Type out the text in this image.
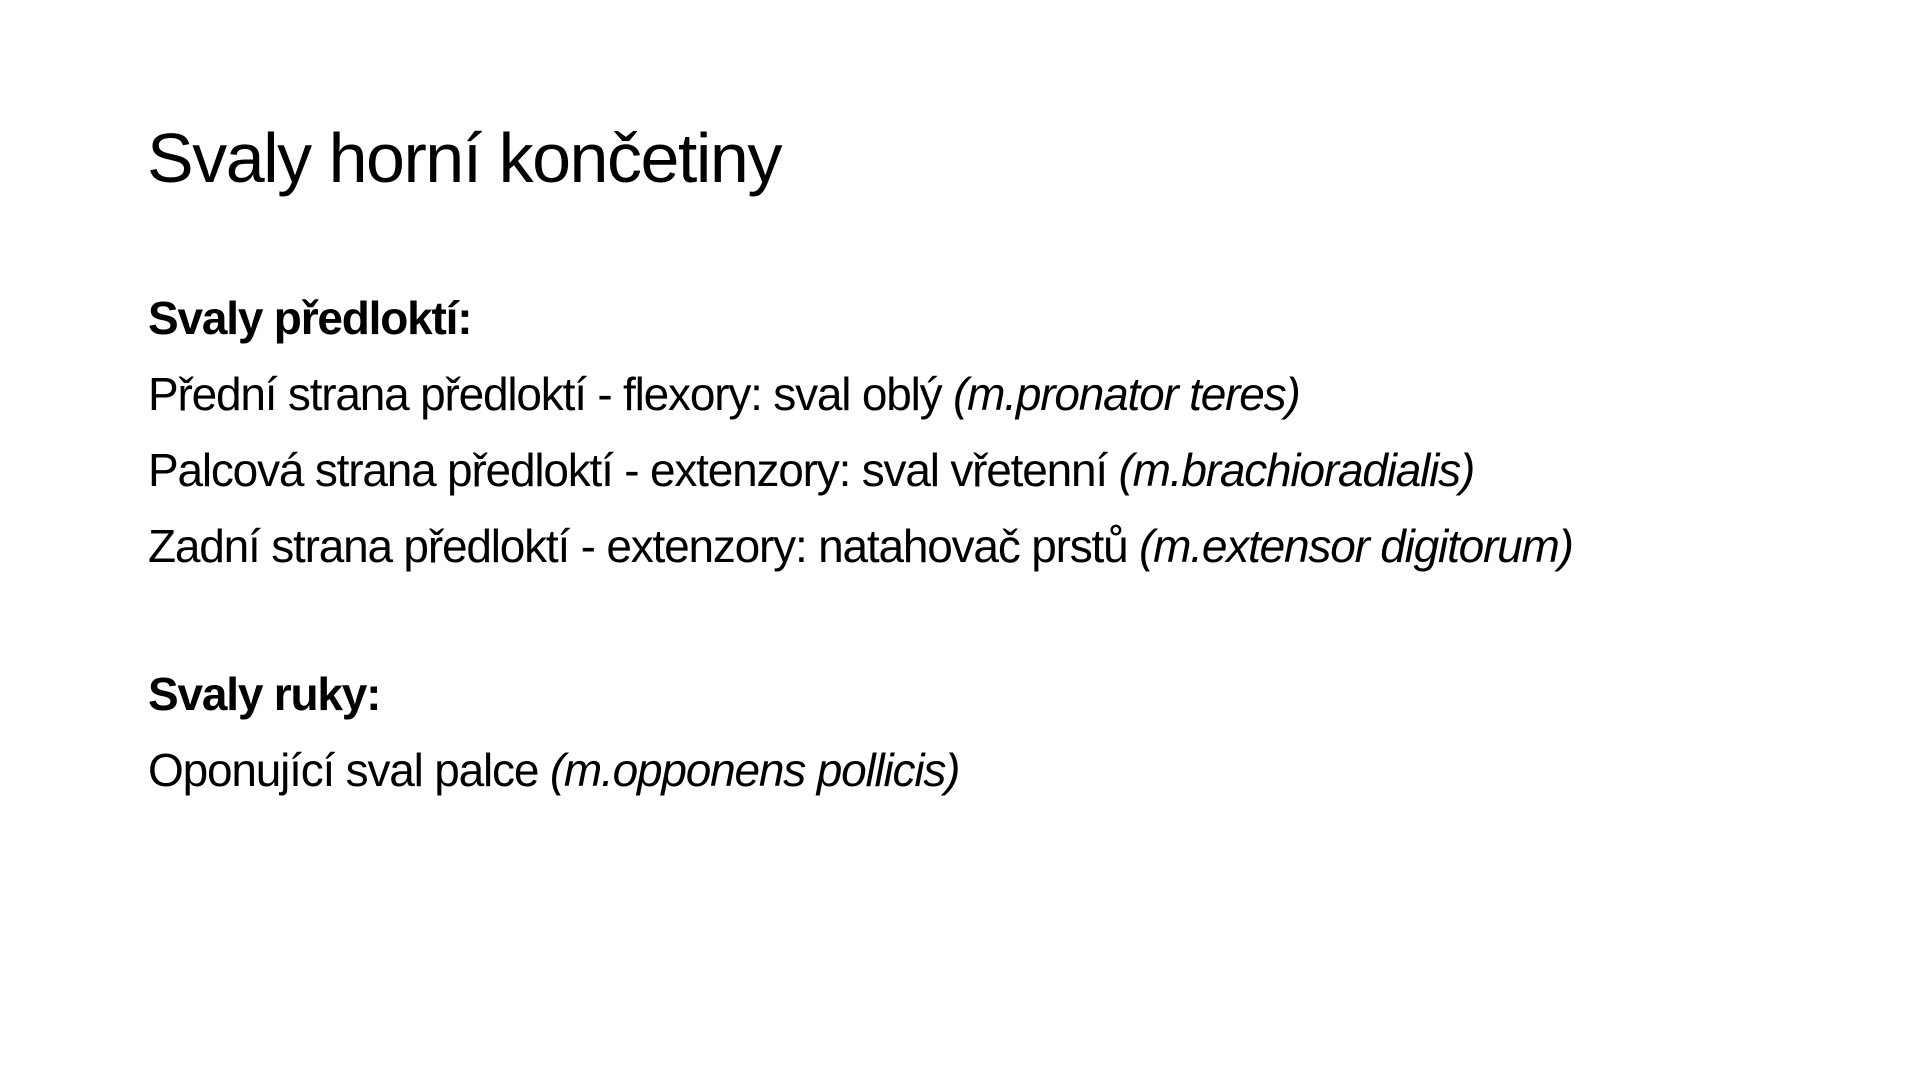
Svaly horní končetiny

Svaly předloktí:

Přední strana předloktí - flexory: sval oblý (m.pronator teres)

Palcová strana předloktí - extenzory: sval vřetenní (m.brachioradialis)

Zadní strana předloktí - extenzory: natahovač prstů (m.extensor digitorum)

Svaly ruky:

Oponující sval palce (m.opponens pollicis)
